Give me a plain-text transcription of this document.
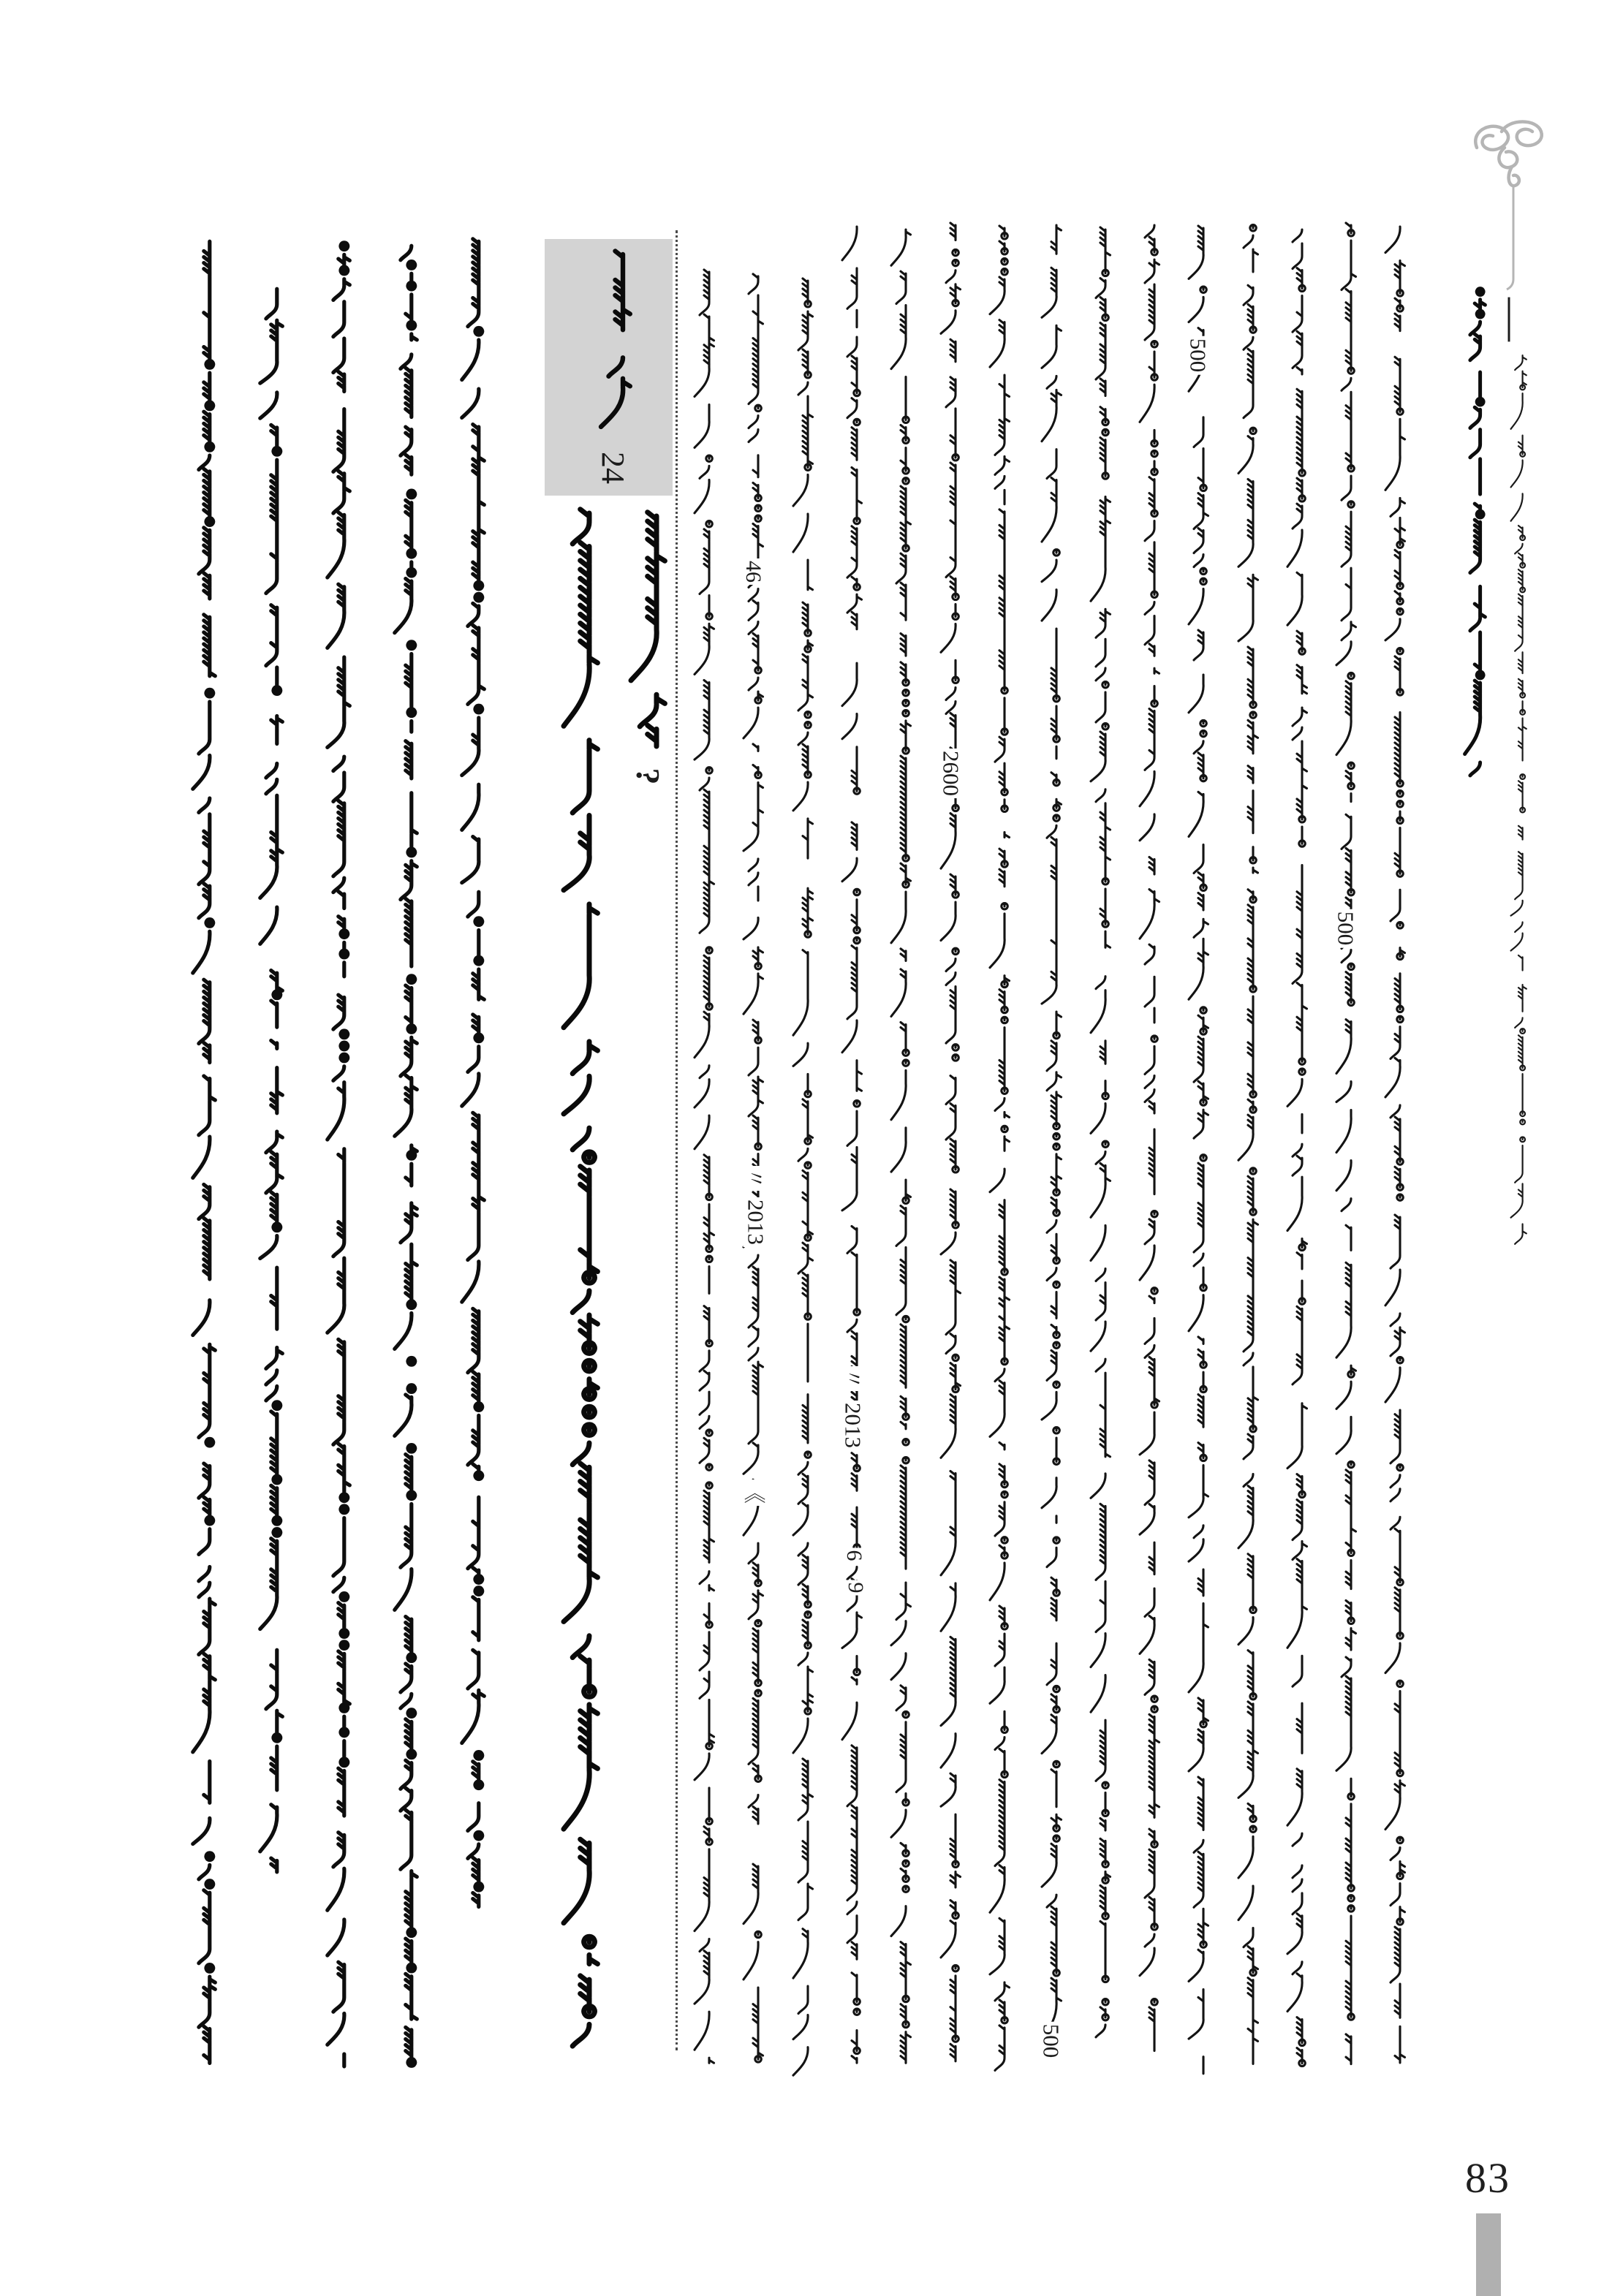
83
46
〃
2013
《
〃
2013
6
9
2600
500
500
500
?
—
24
